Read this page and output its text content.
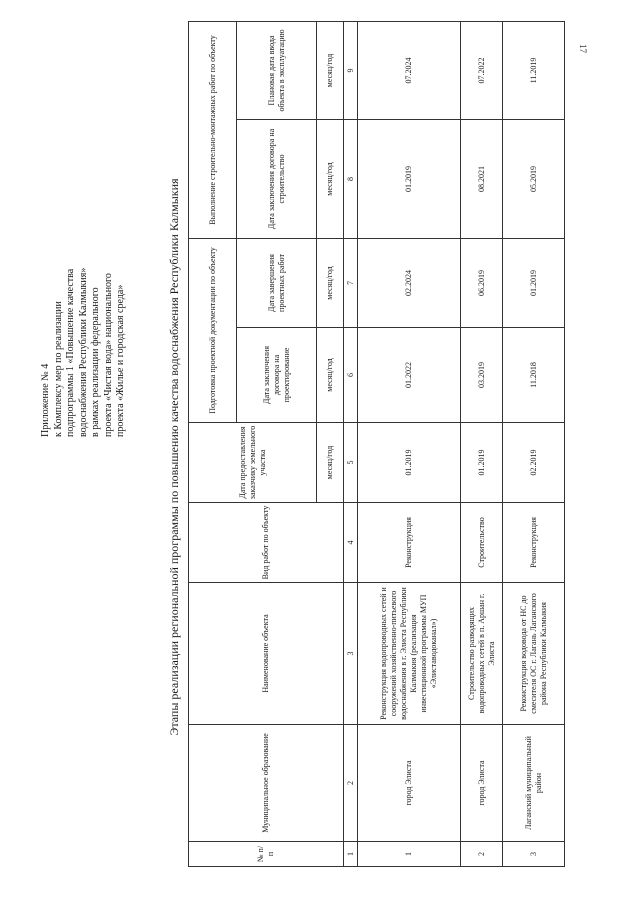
17
Приложение № 4 к Комплексу мер по реализации подпрограммы 1 «Повышение качества водоснабжения Республики Калмыкия» в рамках реализации федерального проекта «Чистая вода» национального проекта «Жилье и городская среда»	Этапы реализации региональной программы по повышению качества водоснабжения Республики Калмыкия
№ п/п	Муниципальное образование	Наименование объекта	Вид работ по объекту	Дата предоставления заказчику земельного участка	Подготовка проектной документации по объекту		Выполнение строительно-монтажных работ по объекту	
					Дата заключения договора на проектирование	Дата завершения проектных работ	Дата заключения договора на строительство	Плановая дата ввода объекта в эксплуатацию
				месяц/год	месяц/год	месяц/год	месяц/год	месяц/год
1	2	3	4	5	6	7	8	9
1	город Элиста	Реконструкция водопроводных сетей и сооружений хозяйственно-питьевого водоснабжения в г. Элиста Республики Калмыкия (реализация инвестиционной программы МУП «Элиставодоканал»)	Реконструкция	01.2019	01.2022	02.2024	01.2019	07.2024
2	город Элиста	Строительство разводящих водопроводных сетей в п. Аршан г. Элиста	Строительство	01.2019	03.2019	06.2019	08.2021	07.2022
3	Лаганский муниципальный район	Реконструкция водовода от НС до смесителя ОС г. Лагань Лаганского района Республики Калмыкия	Реконструкция	02.2019	11.2018	01.2019	05.2019	11.2019
